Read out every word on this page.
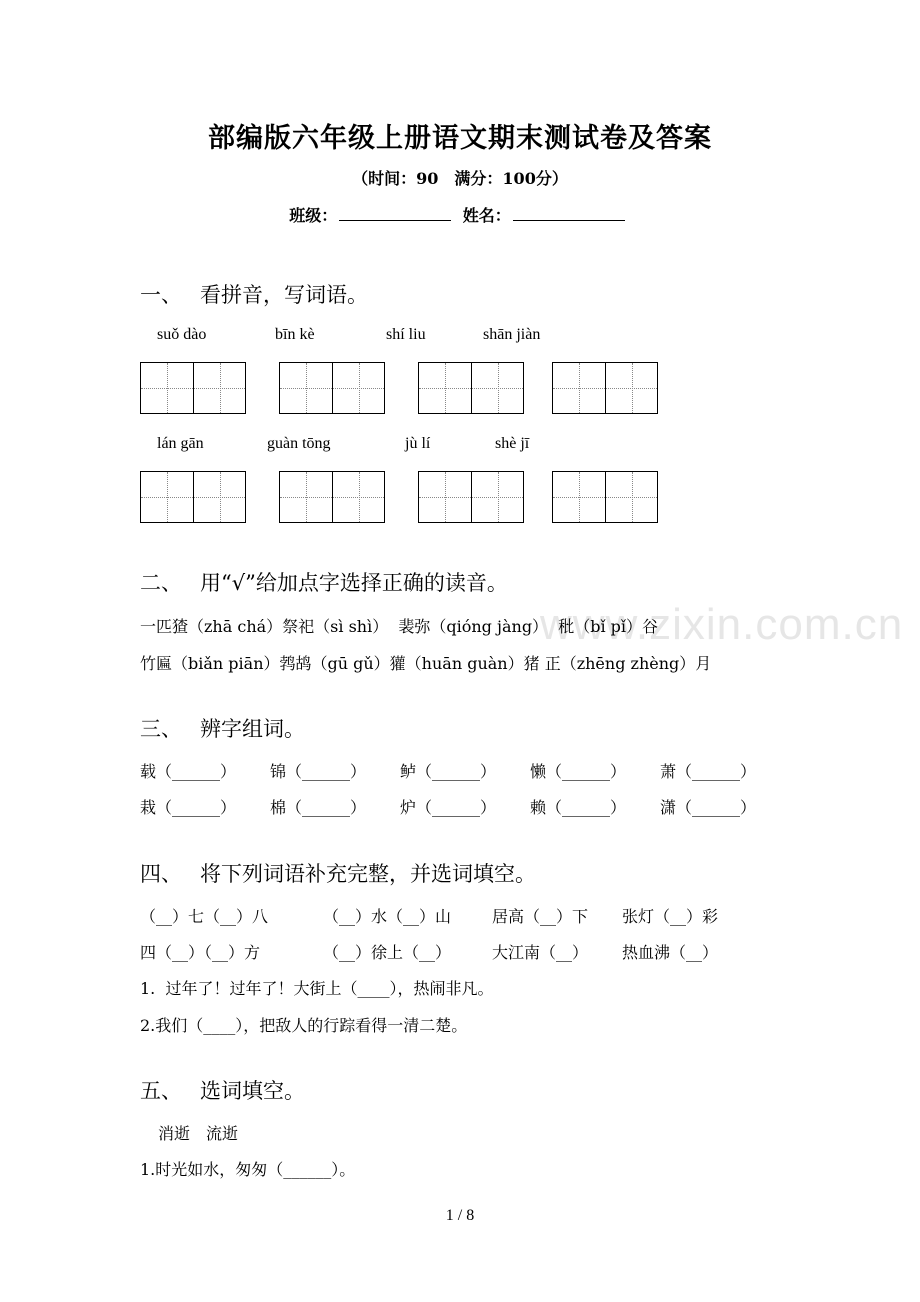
www.zixin.com.cn
部编版六年级上册语文期末测试卷及答案
（时间：90　满分：100分）
班级：	姓名：
一、 看拼音，写词语。
suǒ dào	bīn kè	shí liu	shān jiàn
lán gān	guàn tōng	jù lí	shè jī
二、 用“√”给加点字选择正确的读音。
一匹猹（zhā chá）祭祀（sì shì）  裴弥（qióng jàng）  秕（bǐ pǐ）谷
竹匾（biǎn piān）鹁鸪（gū gǔ）獾（huān guàn）猪 正（zhēng zhèng）月
三、 辨字组词。
载（______） 锦（______） 鲈（______） 懒（______） 萧（______）
栽（______） 棉（______） 炉（______） 赖（______） 潇（______）
四、 将下列词语补充完整，并选词填空。
（__）七（__）八	（__）水（__）山	居高（__）下 张灯（__）彩
四（__）（__）方	（__）徐上（__）	大江南（__） 热血沸（__）
1.  过年了！过年了！大街上（____），热闹非凡。
2.我们（____），把敌人的行踪看得一清二楚。
五、 选词填空。
消逝　流逝
1.时光如水，匆匆（______）。
1 / 8
